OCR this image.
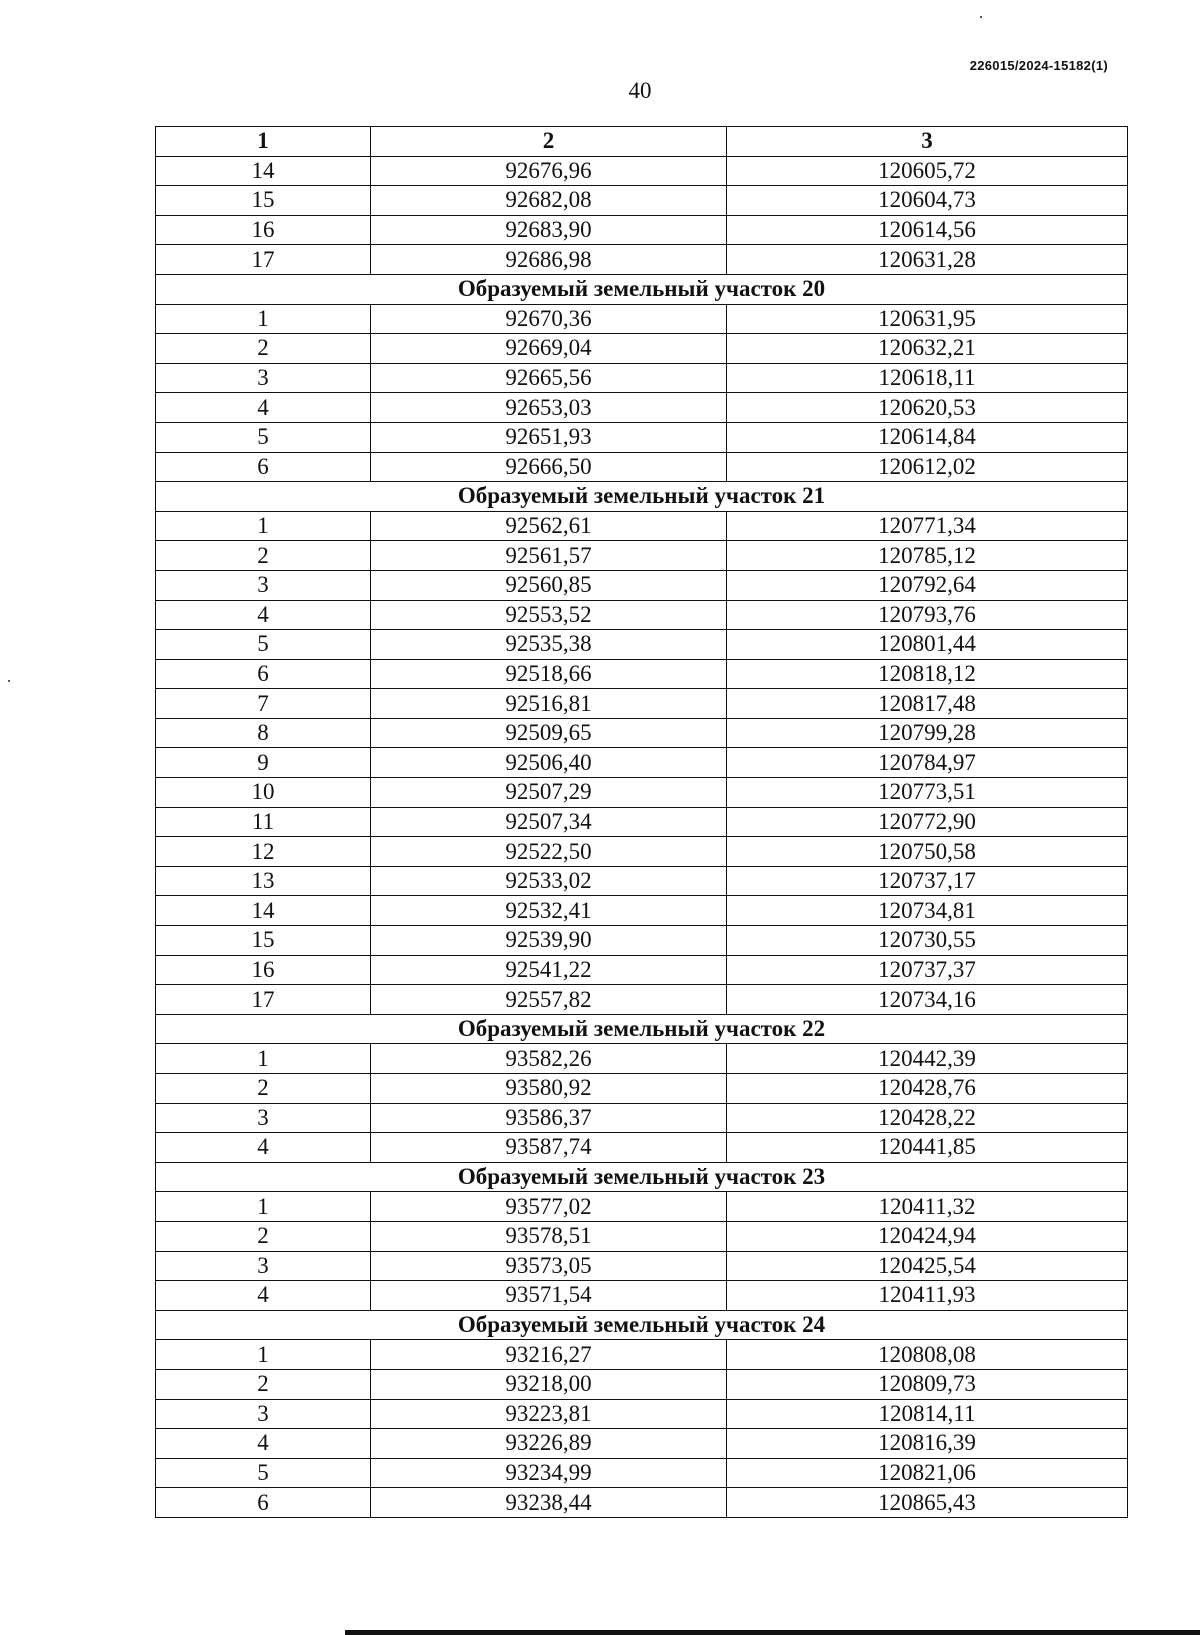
226015/2024-15182(1)
40
1	2	3
14	92676,96	120605,72
15	92682,08	120604,73
16	92683,90	120614,56
17	92686,98	120631,28
Образуемый земельный участок 20		
1	92670,36	120631,95
2	92669,04	120632,21
3	92665,56	120618,11
4	92653,03	120620,53
5	92651,93	120614,84
6	92666,50	120612,02
Образуемый земельный участок 21		
1	92562,61	120771,34
2	92561,57	120785,12
3	92560,85	120792,64
4	92553,52	120793,76
5	92535,38	120801,44
6	92518,66	120818,12
7	92516,81	120817,48
8	92509,65	120799,28
9	92506,40	120784,97
10	92507,29	120773,51
11	92507,34	120772,90
12	92522,50	120750,58
13	92533,02	120737,17
14	92532,41	120734,81
15	92539,90	120730,55
16	92541,22	120737,37
17	92557,82	120734,16
Образуемый земельный участок 22		
1	93582,26	120442,39
2	93580,92	120428,76
3	93586,37	120428,22
4	93587,74	120441,85
Образуемый земельный участок 23		
1	93577,02	120411,32
2	93578,51	120424,94
3	93573,05	120425,54
4	93571,54	120411,93
Образуемый земельный участок 24		
1	93216,27	120808,08
2	93218,00	120809,73
3	93223,81	120814,11
4	93226,89	120816,39
5	93234,99	120821,06
6	93238,44	120865,43
